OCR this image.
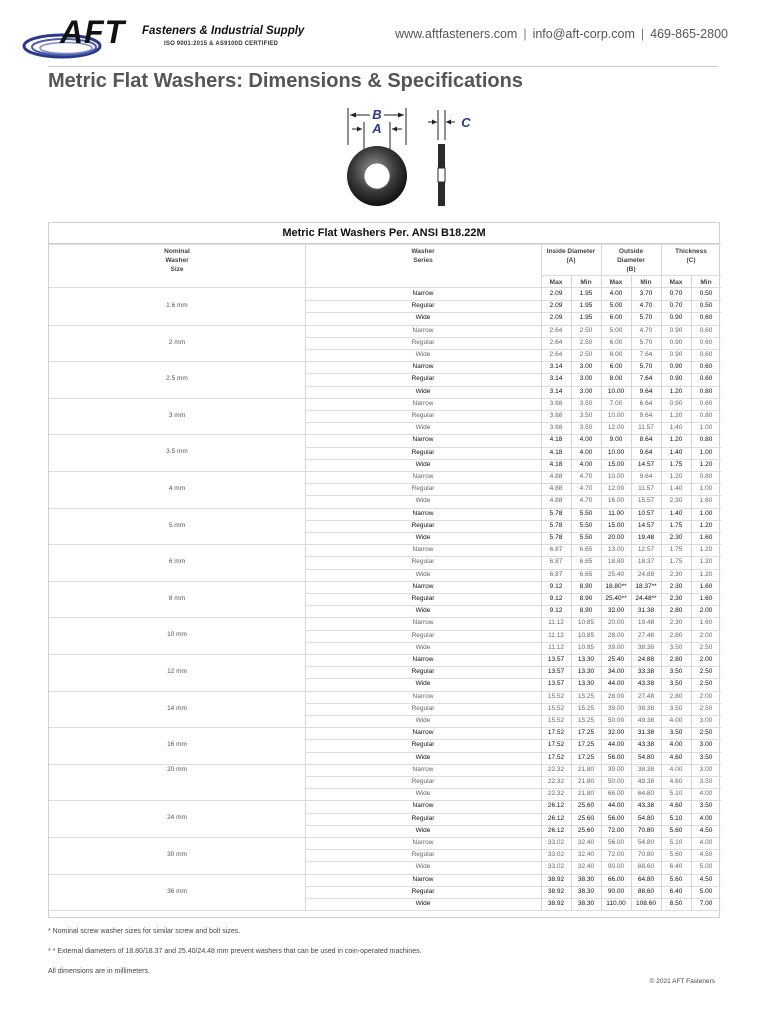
AFT Fasteners & Industrial Supply
ISO 9001:2015 & AS9100D CERTIFIED
www.aftfasteners.com | info@aft-corp.com | 469-865-2800
Metric Flat Washers: Dimensions & Specifications
B
A	C
Metric Flat Washers Per. ANSI B18.22M
Nominal
Washer
Size
Washer
Series
Inside Diameter
(A)
Outside
Diameter
(B)
Thickness
(C)
Max	Min	Max	Min	Max	Min
1.6 mm
Narrow	2.09	1.95	4.00	3.70	0.70	0.50
Regular	2.09	1.95	5.00	4.70	0.70	0.50
Wide	2.09	1.95	6.00	5.70	0.90	0.60
2 mm
Narrow	2.64	2.50	5.00	4.70	0.90	0.60
Regular	2.64	2.50	6.00	5.70	0.90	0.60
Wide	2.64	2.50	8.00	7.64	0.90	0.60
2.5 mm
Narrow	3.14	3.00	6.00	5.70	0.90	0.60
Regular	3.14	3.00	8.00	7.64	0.90	0.60
Wide	3.14	3.00	10.00	9.64	1.20	0.80
3 mm
Narrow	3.68	3.50	7.00	6.64	0.90	0.60
Regular	3.68	3.50	10.00	9.64	1.20	0.80
Wide	3.68	3.50	12.00	11.57	1.40	1.00
3.5 mm
Narrow	4.18	4.00	9.00	8.64	1.20	0.80
Regular	4.18	4.00	10.00	9.64	1.40	1.00
Wide	4.18	4.00	15.00	14.57	1.75	1.20
4 mm
Narrow	4.88	4.70	10.00	9.64	1.20	0.80
Regular	4.88	4.70	12.00	11.57	1.40	1.00
Wide	4.88	4.70	16.00	15.57	2.30	1.60
5 mm
Narrow	5.78	5.50	11.00	10.57	1.40	1.00
Regular	5.78	5.50	15.00	14.57	1.75	1.20
Wide	5.78	5.50	20.00	19.48	2.30	1.60
6 mm
Narrow	6.87	6.65	13.00	12.57	1.75	1.20
Regular	6.87	6.65	18.80	18.37	1.75	1.20
Wide	6.87	6.65	25.40	24.88	2.30	1.20
8 mm
Narrow	9.12	8.90	18.80**	18.37**	2.30	1.60
Regular	9.12	8.90	25.40**	24.48**	2.30	1.60
Wide	9.12	8.90	32.00	31.38	2.80	2.00
10 mm
Narrow	11.12	10.85	20.00	19.48	2.30	1.60
Regular	11.12	10.85	28.00	27.48	2.80	2.00
Wide	11.12	10.85	39.00	38.38	3.50	2.50
12 mm
Narrow	13.57	13.30	25.40	24.88	2.80	2.00
Regular	13.57	13.30	34.00	33.38	3.50	2.50
Wide	13.57	13.30	44.00	43.38	3.50	2.50
14 mm
Narrow	15.52	15.25	28.00	27.48	2.80	2.00
Regular	15.52	15.25	39.00	38.38	3.50	2.50
Wide	15.52	15.25	50.00	49.38	4.00	3.00
16 mm
Narrow	17.52	17.25	32.00	31.38	3.50	2.50
Regular	17.52	17.25	44.00	43.38	4.00	3.00
Wide	17.52	17.25	56.00	54.80	4.60	3.50
20 mm	Narrow	22.32	21.80	39.00	38.38	4.00	3.00
Regular	22.32	21.80	50.00	49.38	4.60	3.50
Wide	22.32	21.80	66.00	64.80	5.10	4.00
24 mm
Narrow	26.12	25.60	44.00	43.38	4.60	3.50
Regular	26.12	25.60	56.00	54.80	5.10	4.00
Wide	26.12	25.60	72.00	70.80	5.60	4.50
30 mm
Narrow	33.02	32.40	56.00	54.80	5.10	4.00
Regular	33.02	32.40	72.00	70.80	5.60	4.50
Wide	33.02	32.40	90.00	88.60	6.40	5.00
36 mm
Narrow	38.92	38.30	66.00	64.80	5.60	4.50
Regular	38.92	38.30	90.00	88.60	6.40	5.00
Wide	38.92	38.30	110.00	108.60	8.50	7.00
* Nominal screw washer sizes for similar screw and bolt sizes.
* * External diameters of 18.80/18.37 and 25.40/24.48 mm prevent washers that can be used in coin-operated machines.
All dimensions are in millimeters.
© 2021 AFT Fasteners
